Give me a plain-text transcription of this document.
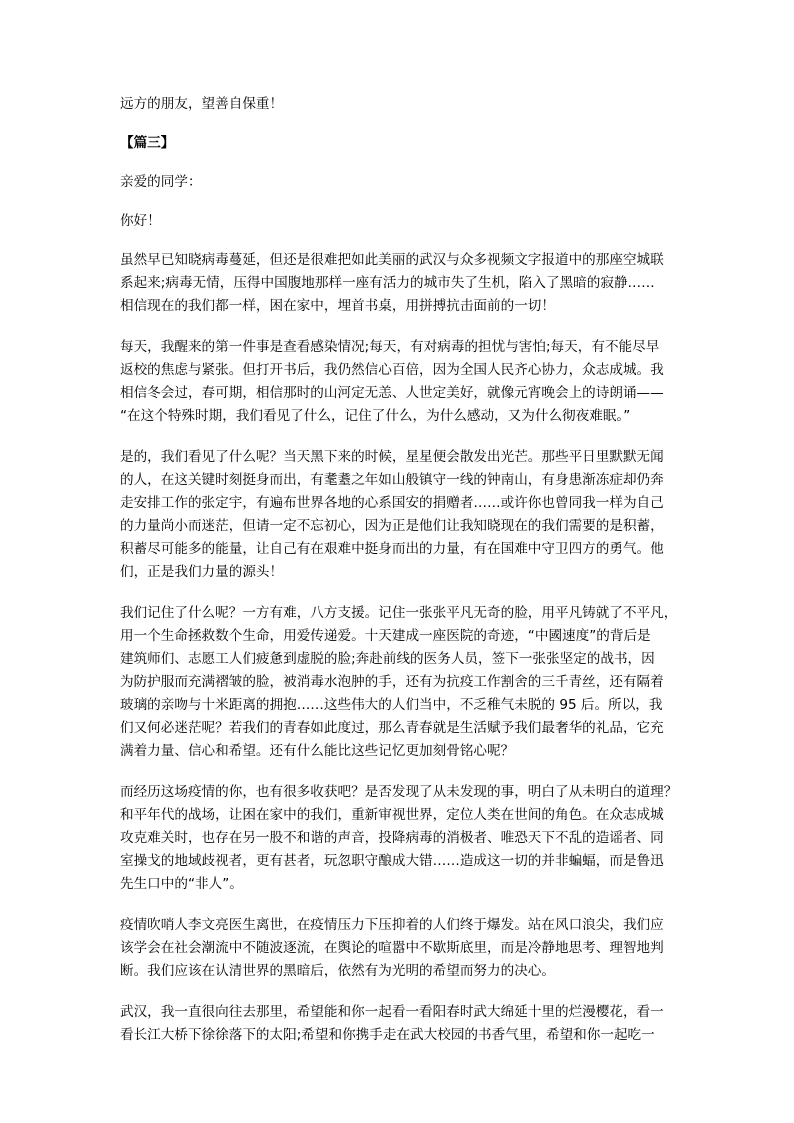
远方的朋友，望善自保重！

【篇三】

亲爱的同学：

你好！

虽然早已知晓病毒蔓延，但还是很难把如此美丽的武汉与众多视频文字报道中的那座空城联

系起来;病毒无情，压得中国腹地那样一座有活力的城市失了生机，陷入了黑暗的寂静……

相信现在的我们都一样，困在家中，埋首书桌，用拼搏抗击面前的一切！

每天，我醒来的第一件事是查看感染情况;每天，有对病毒的担忧与害怕;每天，有不能尽早

返校的焦虑与紧张。但打开书后，我仍然信心百倍，因为全国人民齐心协力，众志成城。我

相信冬会过，春可期，相信那时的山河定无恙、人世定美好，就像元宵晚会上的诗朗诵——

“在这个特殊时期，我们看见了什么，记住了什么，为什么感动，又为什么彻夜难眠。”

是的，我们看见了什么呢？当天黑下来的时候，星星便会散发出光芒。那些平日里默默无闻

的人，在这关键时刻挺身而出，有耄耋之年如山般镇守一线的钟南山，有身患渐冻症却仍奔

走安排工作的张定宇，有遍布世界各地的心系国安的捐赠者……或许你也曾同我一样为自己

的力量尚小而迷茫，但请一定不忘初心，因为正是他们让我知晓现在的我们需要的是积蓄，

积蓄尽可能多的能量，让自己有在艰难中挺身而出的力量，有在国难中守卫四方的勇气。他

们，正是我们力量的源头！

我们记住了什么呢？一方有难，八方支援。记住一张张平凡无奇的脸，用平凡铸就了不平凡，

用一个生命拯救数个生命，用爱传递爱。十天建成一座医院的奇迹，“中國速度”的背后是

建筑师们、志愿工人们疲惫到虚脱的脸;奔赴前线的医务人员，签下一张张坚定的战书，因

为防护服而充满褶皱的脸，被消毒水泡肿的手，还有为抗疫工作割舍的三千青丝，还有隔着

玻璃的亲吻与十米距离的拥抱……这些伟大的人们当中，不乏稚气未脱的 95 后。所以，我

们又何必迷茫呢？若我们的青春如此度过，那么青春就是生活赋予我们最奢华的礼品，它充

满着力量、信心和希望。还有什么能比这些记忆更加刻骨铭心呢？

而经历这场疫情的你，也有很多收获吧？是否发现了从未发现的事，明白了从未明白的道理？

和平年代的战场，让困在家中的我们，重新审视世界，定位人类在世间的角色。在众志成城

攻克难关时，也存在另一股不和谐的声音，投降病毒的消极者、唯恐天下不乱的造谣者、同

室操戈的地域歧视者，更有甚者，玩忽职守酿成大错……造成这一切的并非蝙蝠，而是鲁迅

先生口中的“非人”。

疫情吹哨人李文亮医生离世，在疫情压力下压抑着的人们终于爆发。站在风口浪尖，我们应

该学会在社会潮流中不随波逐流，在舆论的喧嚣中不歇斯底里，而是冷静地思考、理智地判

断。我们应该在认清世界的黑暗后，依然有为光明的希望而努力的决心。

武汉，我一直很向往去那里，希望能和你一起看一看阳春时武大绵延十里的烂漫樱花，看一

看长江大桥下徐徐落下的太阳;希望和你携手走在武大校园的书香气里，希望和你一起吃一
